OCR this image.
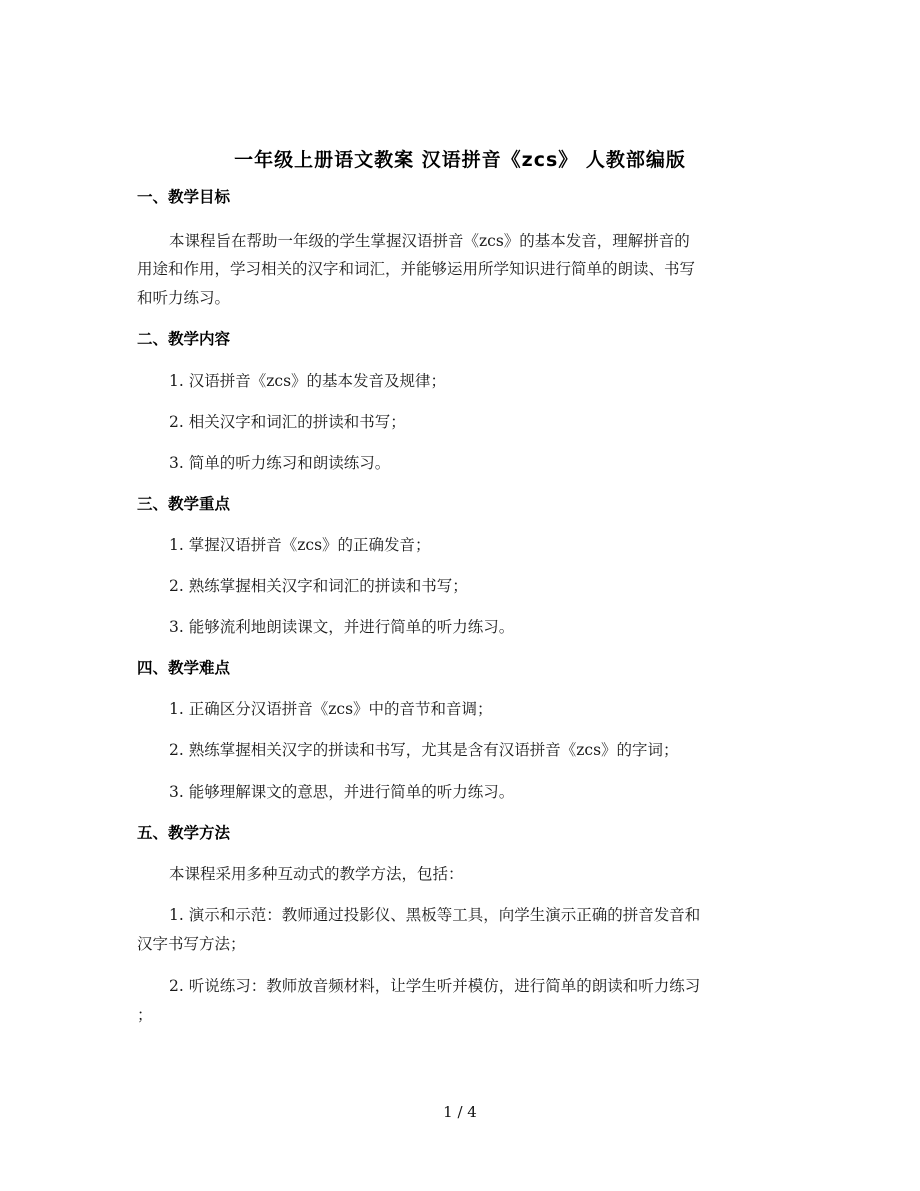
一年级上册语文教案 汉语拼音《zcs》 人教部编版
一、教学目标
本课程旨在帮助一年级的学生掌握汉语拼音《zcs》的基本发音，理解拼音的
用途和作用，学习相关的汉字和词汇，并能够运用所学知识进行简单的朗读、书写
和听力练习。
二、教学内容
1. 汉语拼音《zcs》的基本发音及规律；
2. 相关汉字和词汇的拼读和书写；
3. 简单的听力练习和朗读练习。
三、教学重点
1. 掌握汉语拼音《zcs》的正确发音；
2. 熟练掌握相关汉字和词汇的拼读和书写；
3. 能够流利地朗读课文，并进行简单的听力练习。
四、教学难点
1. 正确区分汉语拼音《zcs》中的音节和音调；
2. 熟练掌握相关汉字的拼读和书写，尤其是含有汉语拼音《zcs》的字词；
3. 能够理解课文的意思，并进行简单的听力练习。
五、教学方法
本课程采用多种互动式的教学方法，包括：
1. 演示和示范：教师通过投影仪、黑板等工具，向学生演示正确的拼音发音和
汉字书写方法；
2. 听说练习：教师放音频材料，让学生听并模仿，进行简单的朗读和听力练习
；
1 / 4
